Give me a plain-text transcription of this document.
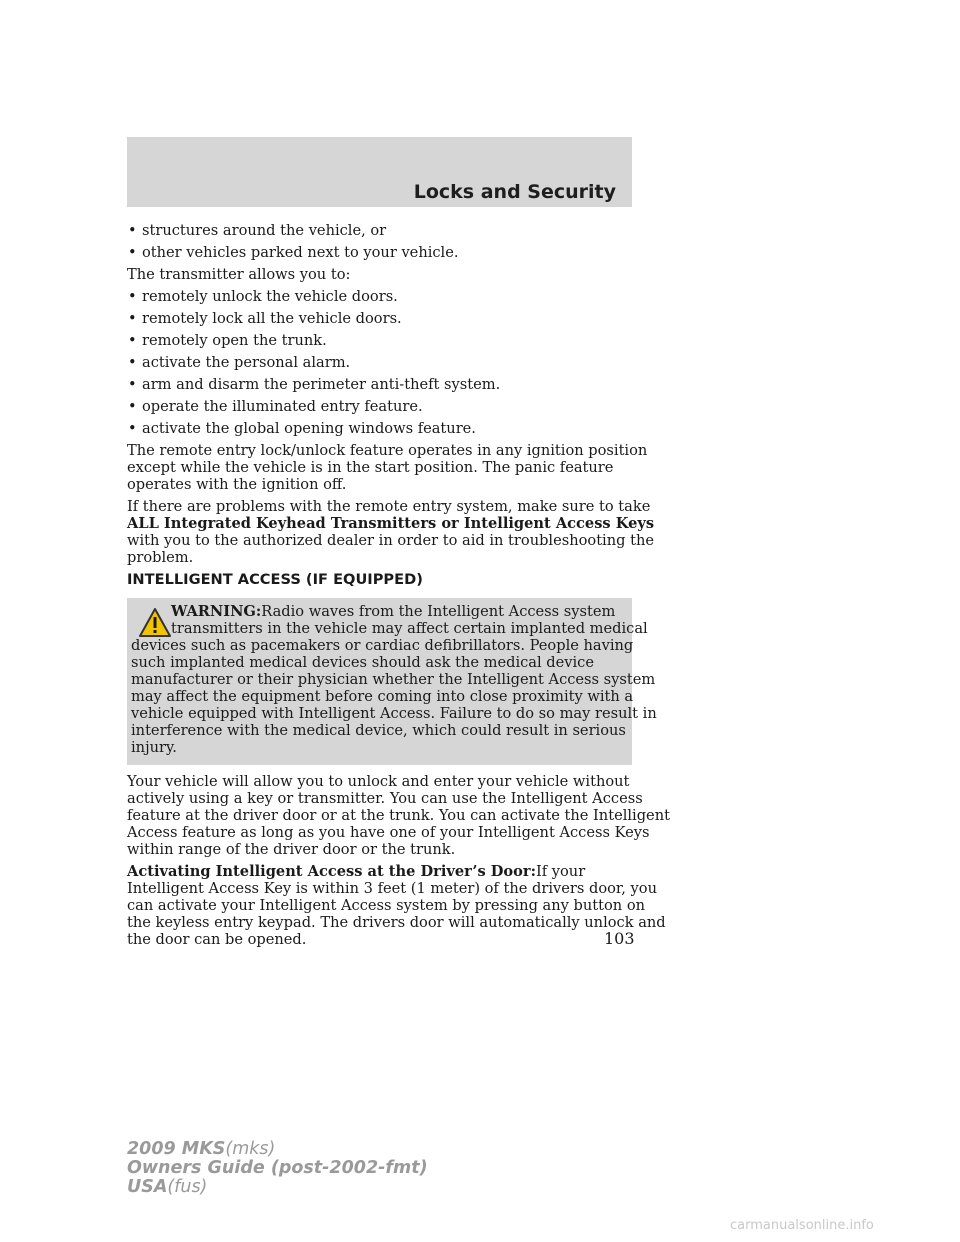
Locks and Security
• structures around the vehicle, or
• other vehicles parked next to your vehicle.
The transmitter allows you to:
• remotely unlock the vehicle doors.
• remotely lock all the vehicle doors.
• remotely open the trunk.
• activate the personal alarm.
• arm and disarm the perimeter anti-theft system.
• operate the illuminated entry feature.
• activate the global opening windows feature.
The remote entry lock/unlock feature operates in any ignition position
except while the vehicle is in the start position. The panic feature
operates with the ignition off.
If there are problems with the remote entry system, make sure to take
ALL Integrated Keyhead Transmitters or Intelligent Access Keys
with you to the authorized dealer in order to aid in troubleshooting the
problem.
INTELLIGENT ACCESS (IF EQUIPPED)
WARNING:Radio waves from the Intelligent Access system
transmitters in the vehicle may affect certain implanted medical
devices such as pacemakers or cardiac defibrillators. People having
such implanted medical devices should ask the medical device
manufacturer or their physician whether the Intelligent Access system
may affect the equipment before coming into close proximity with a
vehicle equipped with Intelligent Access. Failure to do so may result in
interference with the medical device, which could result in serious
injury.
Your vehicle will allow you to unlock and enter your vehicle without
actively using a key or transmitter. You can use the Intelligent Access
feature at the driver door or at the trunk. You can activate the Intelligent
Access feature as long as you have one of your Intelligent Access Keys
within range of the driver door or the trunk.
Activating Intelligent Access at the Driver’s Door:If your
Intelligent Access Key is within 3 feet (1 meter) of the drivers door, you
can activate your Intelligent Access system by pressing any button on
the keyless entry keypad. The drivers door will automatically unlock and
the door can be opened.	103
2009 MKS(mks)
Owners Guide (post-2002-fmt)
USA(fus)
carmanualsonline.info
